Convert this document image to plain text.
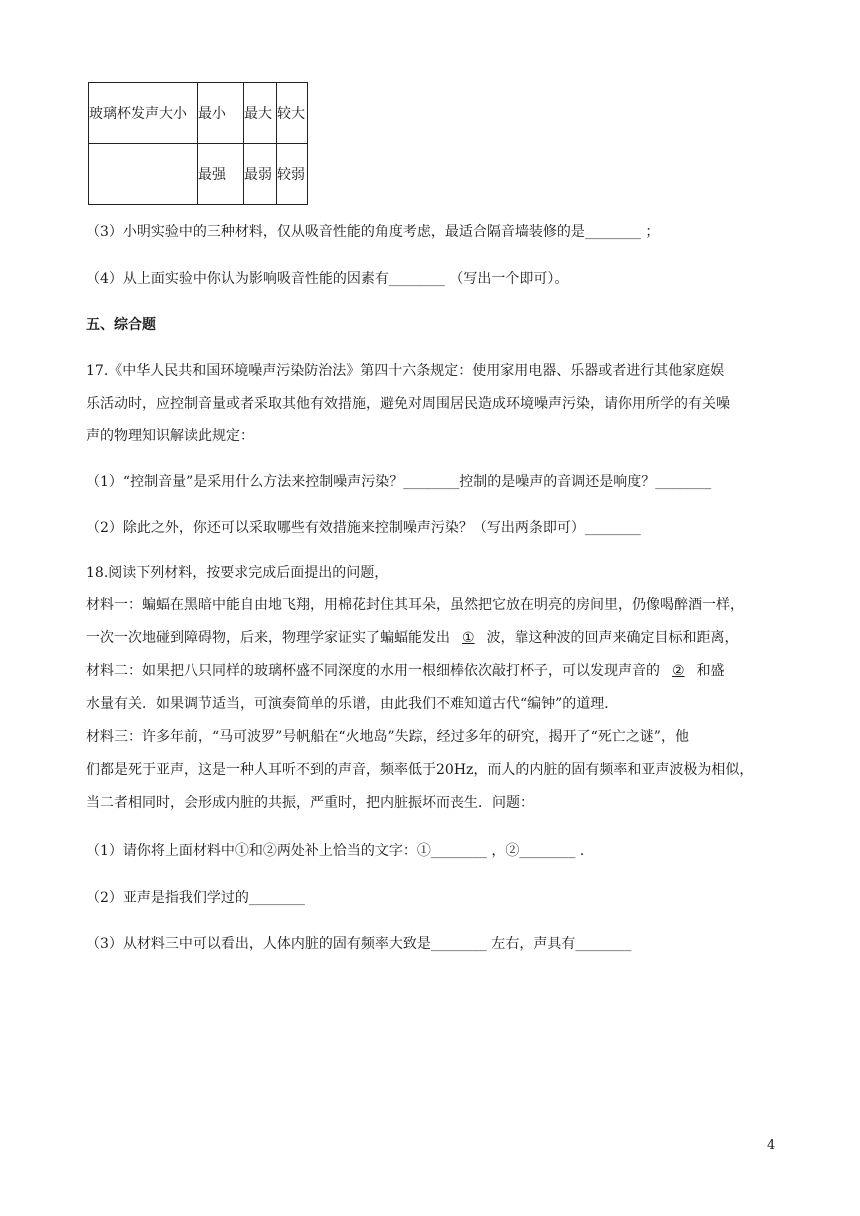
玻璃杯发声大小	最小	最大	较大
	最强	最弱	较弱
（3）小明实验中的三种材料，仅从吸音性能的角度考虑，最适合隔音墙装修的是________ ；
（4）从上面实验中你认为影响吸音性能的因素有________ （写出一个即可）。
五、综合题
17.《中华人民共和国环境噪声污染防治法》第四十六条规定：使用家用电器、乐器或者进行其他家庭娱
乐活动时，应控制音量或者采取其他有效措施，避免对周围居民造成环境噪声污染，请你用所学的有关噪
声的物理知识解读此规定：
（1）“控制音量”是采用什么方法来控制噪声污染？________控制的是噪声的音调还是响度？________
（2）除此之外，你还可以采取哪些有效措施来控制噪声污染？（写出两条即可）________
18.阅读下列材料，按要求完成后面提出的问题，
材料一：蝙蝠在黑暗中能自由地飞翔，用棉花封住其耳朵，虽然把它放在明亮的房间里，仍像喝醉酒一样，
一次一次地碰到障碍物，后来，物理学家证实了蝙蝠能发出 ① 波，靠这种波的回声来确定目标和距离，
材料二：如果把八只同样的玻璃杯盛不同深度的水用一根细棒依次敲打杯子，可以发现声音的 ② 和盛
水量有关．如果调节适当，可演奏简单的乐谱，由此我们不难知道古代“编钟”的道理．
材料三：许多年前，“马可波罗”号帆船在“火地岛”失踪，经过多年的研究，揭开了“死亡之谜”，他
们都是死于亚声，这是一种人耳听不到的声音，频率低于20Hz，而人的内脏的固有频率和亚声波极为相似，
当二者相同时，会形成内脏的共振，严重时，把内脏振坏而丧生．问题：
（1）请你将上面材料中①和②两处补上恰当的文字：①________ ，②________ .
（2）亚声是指我们学过的________
（3）从材料三中可以看出，人体内脏的固有频率大致是________ 左右，声具有________
4
